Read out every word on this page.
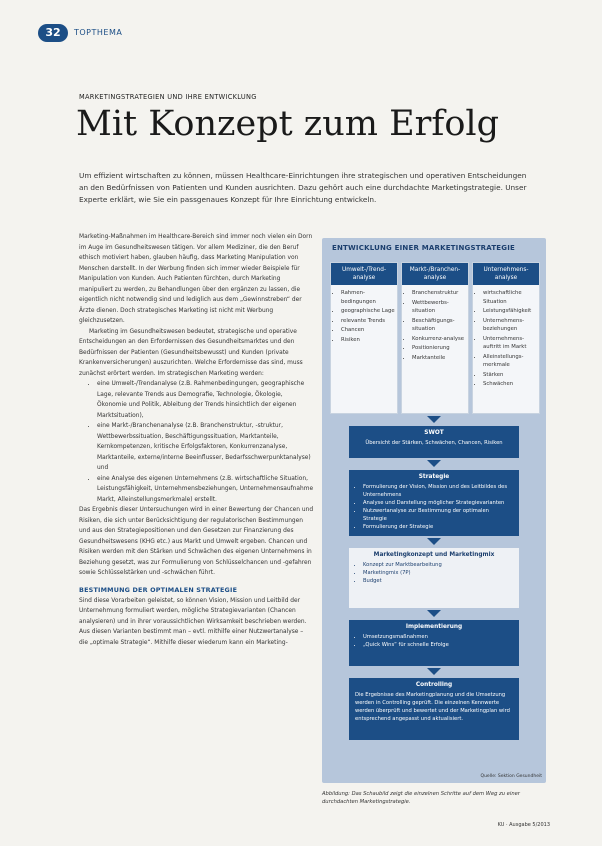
32	TOPTHEMA
MARKETINGSTRATEGIEN UND IHRE ENTWICKLUNG
Mit Konzept zum Erfolg
Um effizient wirtschaften zu können, müssen Healthcare-Einrichtungen ihre strategischen und operativen Entscheidungen an den Bedürfnissen von Patienten und Kunden ausrichten. Dazu gehört auch eine durchdachte Marketingstrategie. Unser Experte erklärt, wie Sie ein passgenaues Konzept für Ihre Einrichtung entwickeln.

Marketing-Maßnahmen im Healthcare-Bereich sind immer noch vielen ein Dorn im Auge im Gesundheitswesen tätigen. Vor allem Mediziner, die den Beruf ethisch motiviert haben, glauben häufig, dass Marketing Manipulation von Menschen darstellt. In der Werbung finden sich immer wieder Beispiele für Manipulation von Kunden. Auch Patienten fürchten, durch Marketing manipuliert zu werden, zu Behandlungen über den ergänzen zu lassen, die eigentlich nicht notwendig sind und lediglich aus dem „Gewinnstreben“ der Ärzte dienen. Doch strategisches Marketing ist nicht mit Werbung gleichzusetzen.

Marketing im Gesundheitswesen bedeutet, strategische und operative Entscheidungen an den Erfordernissen des Gesundheitsmarktes und den Bedürfnissen der Patienten (Gesundheitsbewusst) und Kunden (private Krankenversicherungen) auszurichten. Welche Erfordernisse das sind, muss zunächst erörtert werden. Im strategischen Marketing werden:

• eine Umwelt-/Trendanalyse (z.B. Rahmenbedingungen, geographische Lage, relevante Trends aus Demografie, Technologie, Ökologie, Ökonomie und Politik, Ableitung der Trends hinsichtlich der eigenen Marktsituation),
• eine Markt-/Branchenanalyse (z.B. Branchenstruktur, -struktur, Wettbewerbssituation, Beschäftigungssituation, Marktanteile, Kernkompetenzen, kritische Erfolgsfaktoren, Konkurrenzanalyse, Marktanteile, externe/interne Beeinflusser, Bedarfsschwerpunktanalyse) und
• eine Analyse des eigenen Unternehmens (z.B. wirtschaftliche Situation, Leistungsfähigkeit, Unternehmensbeziehungen, Unternehmensaufnahme Markt, Alleinstellungsmerkmale) erstellt.

Das Ergebnis dieser Untersuchungen wird in einer Bewertung der Chancen und Risiken, die sich unter Berücksichtigung der regulatorischen Bestimmungen und aus den Strategiepositionen und den Gesetzen zur Finanzierung des Gesundheitswesens (KHG etc.) aus Markt und Umwelt ergeben. Chancen und Risiken werden mit den Stärken und Schwächen des eigenen Unternehmens in Beziehung gesetzt, was zur Formulierung von Schlüsselchancen und -gefahren sowie Schlüsselstärken und -schwächen führt.

BESTIMMUNG DER OPTIMALEN STRATEGIE

Sind diese Vorarbeiten geleistet, so können Vision, Mission und Leitbild der Unternehmung formuliert werden, mögliche Strategievarianten (Chancen analysieren) und in ihrer voraussichtlichen Wirksamkeit beschrieben werden. Aus diesen Varianten bestimmt man – evtl. mithilfe einer Nutzwertanalyse – die „optimale Strategie“. Mithilfe dieser wiederum kann ein Marketing-

ENTWICKLUNG EINER MARKETINGSTRATEGIE
Umwelt-/Trend-analyse
• Rahmen-bedingungen
• geographische Lage
• relevante Trends
• Chancen
• Risiken
Markt-/Branchen-analyse
• Branchenstruktur
• Wettbewerbs-situation
• Beschäftigungs-situation
• Konkurrenz-analyse
• Positionierung
• Marktanteile
Unternehmens-analyse
• wirtschaftliche Situation
• Leistungsfähigkeit
• Unternehmens-beziehungen
• Unternehmens-auftritt im Markt
• Alleinstellungs-merkmale
• Stärken
• Schwächen
SWOT
Übersicht der Stärken, Schwächen, Chancen, Risiken
Strategie
• Formulierung der Vision, Mission und des Leitbildes des Unternehmens
• Analyse und Darstellung möglicher Strategievarianten
• Nutzwertanalyse zur Bestimmung der optimalen Strategie
• Formulierung der Strategie
Marketingkonzept und Marketingmix
• Konzept zur Marktbearbeitung
• Marketingmix (7P)
• Budget
Implementierung
• Umsetzungsmaßnahmen
• „Quick Wins“ für schnelle Erfolge
Controlling
Die Ergebnisse des Marketingplanung und die Umsetzung werden in Controlling geprüft. Die einzelnen Kennwerte werden überprüft und bewertet und der Marketingplan wird entsprechend angepasst und aktualisiert.
Quelle: Sektion Gesundheit
Abbildung: Das Schaubild zeigt die einzelnen Schritte auf dem Weg zu einer durchdachten Marketingstrategie.
KU · Ausgabe 5/2013
